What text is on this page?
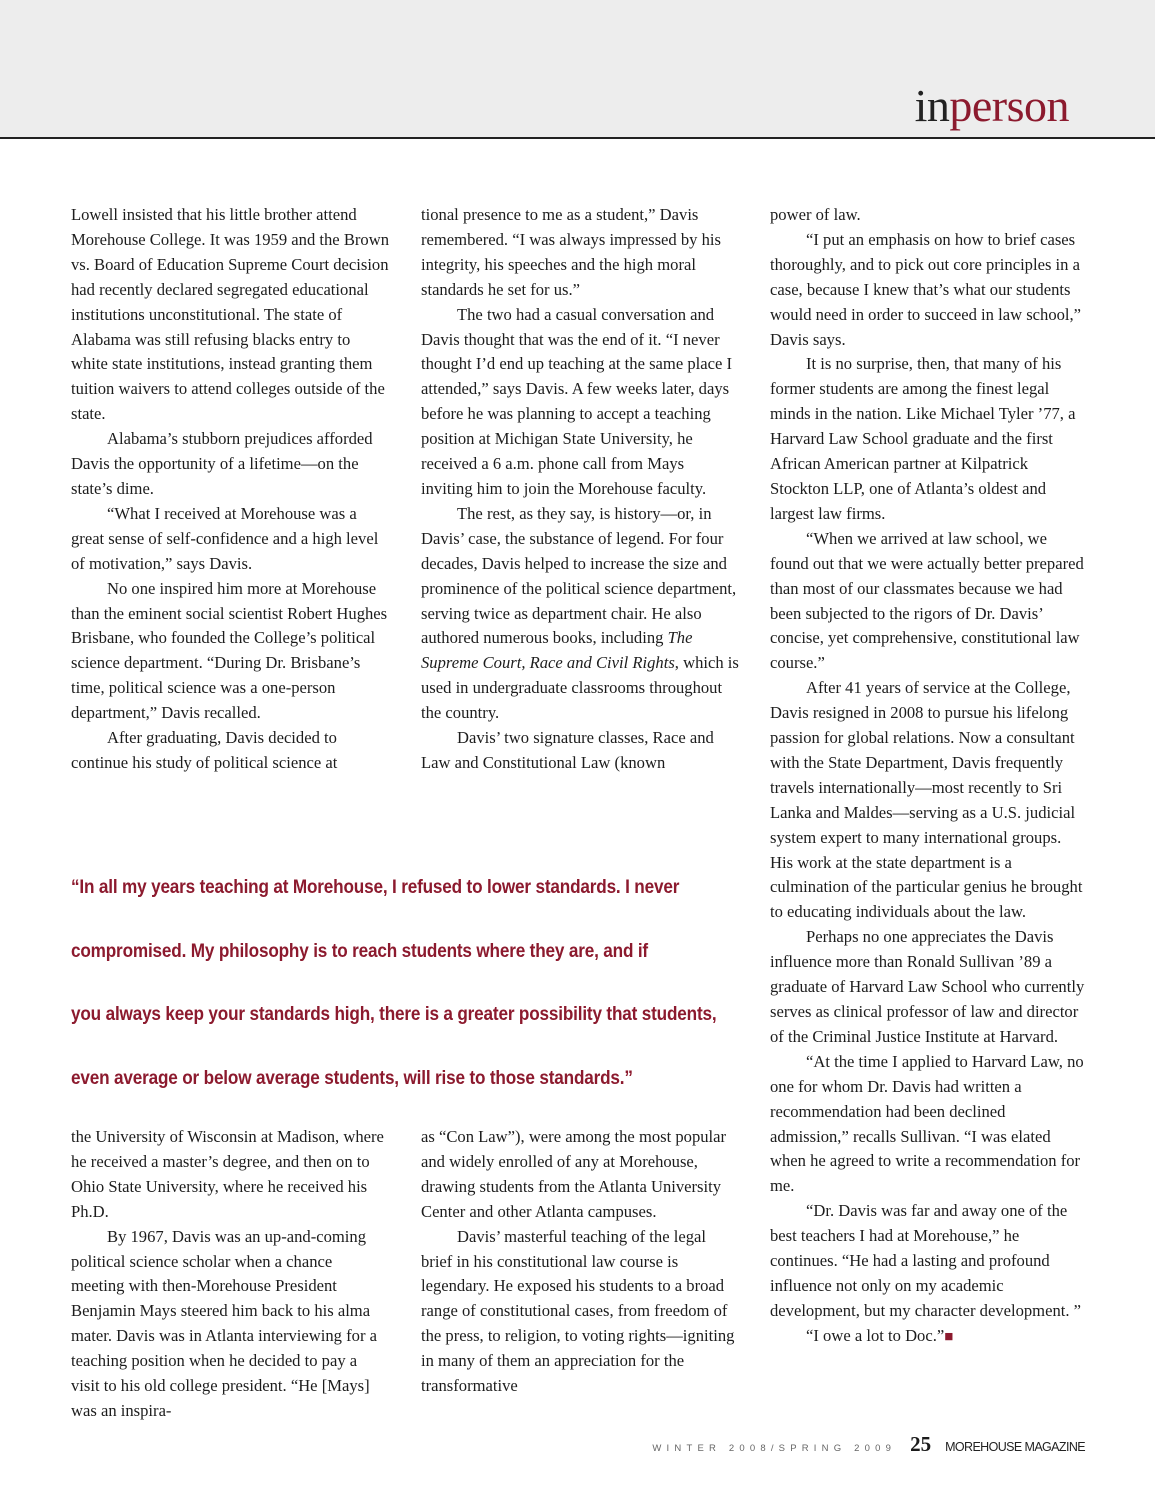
inperson

Lowell insisted that his little brother attend Morehouse College. It was 1959 and the Brown vs. Board of Education Supreme Court decision had recently declared segregated educational institutions unconstitutional. The state of Alabama was still refusing blacks entry to white state institutions, instead granting them tuition waivers to attend colleges outside of the state.

Alabama’s stubborn prejudices afforded Davis the opportunity of a lifetime—on the state’s dime.

“What I received at Morehouse was a great sense of self-confidence and a high level of motivation,” says Davis.

No one inspired him more at Morehouse than the eminent social scientist Robert Hughes Brisbane, who founded the College’s political science department. “During Dr. Brisbane’s time, political science was a one-person department,” Davis recalled.

After graduating, Davis decided to continue his study of political science at

tional presence to me as a student,” Davis remembered. “I was always impressed by his integrity, his speeches and the high moral standards he set for us.”

The two had a casual conversation and Davis thought that was the end of it. “I never thought I’d end up teaching at the same place I attended,” says Davis. A few weeks later, days before he was planning to accept a teaching position at Michigan State University, he received a 6 a.m. phone call from Mays inviting him to join the Morehouse faculty.

The rest, as they say, is history—or, in Davis’ case, the substance of legend. For four decades, Davis helped to increase the size and prominence of the political science department, serving twice as department chair. He also authored numerous books, including The Supreme Court, Race and Civil Rights, which is used in undergraduate classrooms throughout the country.

Davis’ two signature classes, Race and Law and Constitutional Law (known

power of law.

“I put an emphasis on how to brief cases thoroughly, and to pick out core principles in a case, because I knew that’s what our students would need in order to succeed in law school,” Davis says.

It is no surprise, then, that many of his former students are among the finest legal minds in the nation. Like Michael Tyler ’77, a Harvard Law School graduate and the first African American partner at Kilpatrick Stockton LLP, one of Atlanta’s oldest and largest law firms.

“When we arrived at law school, we found out that we were actually better prepared than most of our classmates because we had been subjected to the rigors of Dr. Davis’ concise, yet comprehensive, constitutional law course.”

After 41 years of service at the College, Davis resigned in 2008 to pursue his lifelong passion for global relations. Now a consultant with the State Department, Davis frequently travels internationally—most recently to Sri Lanka and Maldes—serving as a U.S. judicial system expert to many international groups. His work at the state department is a culmination of the particular genius he brought to educating individuals about the law.

Perhaps no one appreciates the Davis influence more than Ronald Sullivan ’89 a graduate of Harvard Law School who currently serves as clinical professor of law and director of the Criminal Justice Institute at Harvard.

“At the time I applied to Harvard Law, no one for whom Dr. Davis had written a recommendation had been declined admission,” recalls Sullivan. “I was elated when he agreed to write a recommendation for me.

“Dr. Davis was far and away one of the best teachers I had at Morehouse,” he continues. “He had a lasting and profound influence not only on my academic development, but my character development. ”

“I owe a lot to Doc.”■

“In all my years teaching at Morehouse, I refused to lower standards. I never
compromised. My philosophy is to reach students where they are, and if
you always keep your standards high, there is a greater possibility that students,
even average or below average students, will rise to those standards.”

the University of Wisconsin at Madison, where he received a master’s degree, and then on to Ohio State University, where he received his Ph.D.

By 1967, Davis was an up-and-coming political science scholar when a chance meeting with then-Morehouse President Benjamin Mays steered him back to his alma mater. Davis was in Atlanta interviewing for a teaching position when he decided to pay a visit to his old college president. “He [Mays] was an inspira-

as “Con Law”), were among the most popular and widely enrolled of any at Morehouse, drawing students from the Atlanta University Center and other Atlanta campuses.

Davis’ masterful teaching of the legal brief in his constitutional law course is legendary. He exposed his students to a broad range of constitutional cases, from freedom of the press, to religion, to voting rights—igniting in many of them an appreciation for the transformative

WINTER 2008/SPRING 2009 25 MOREHOUSE MAGAZINE
